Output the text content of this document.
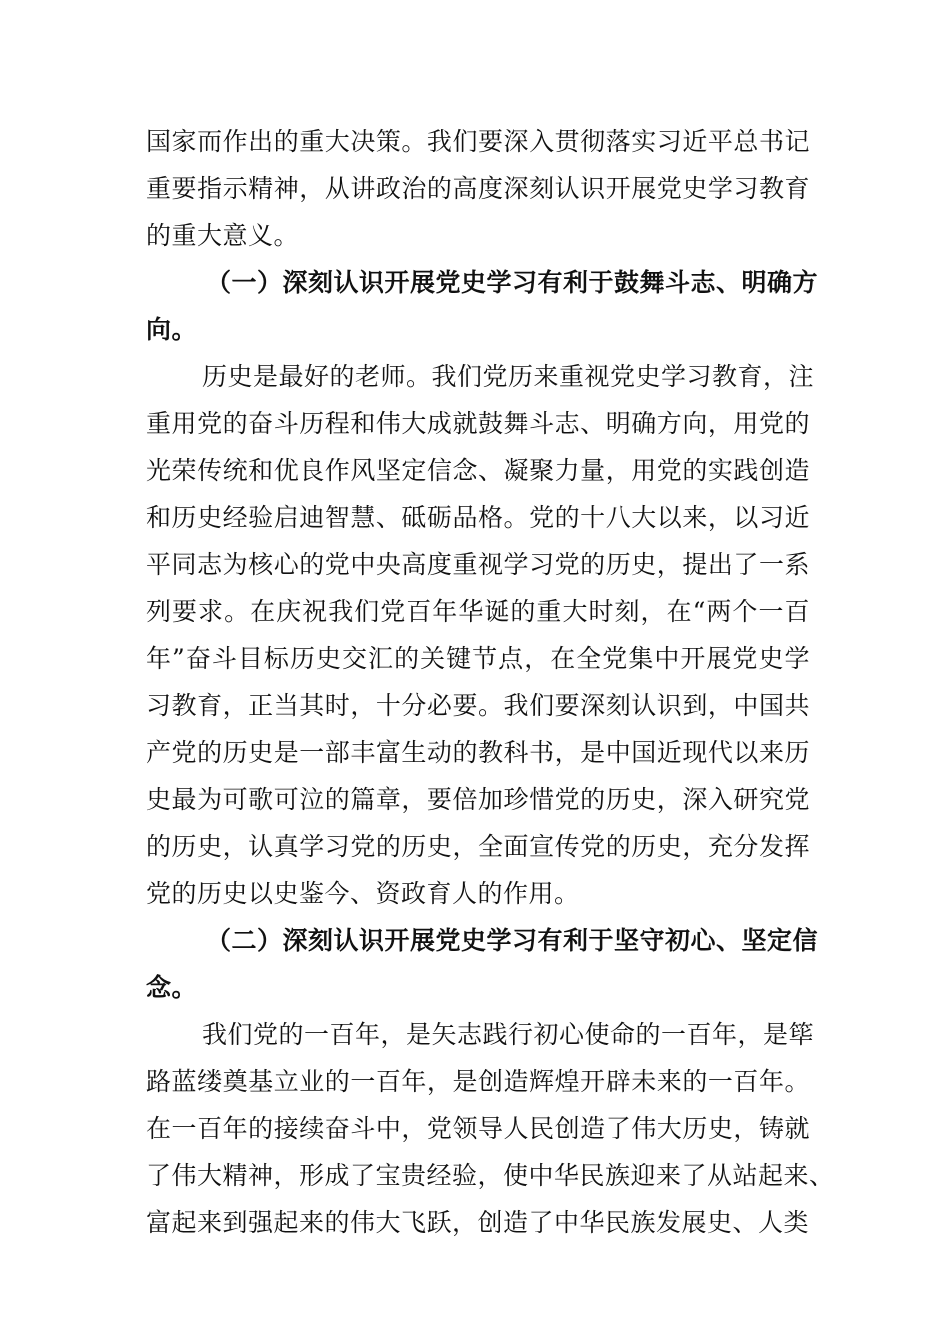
国家而作出的重大决策。我们要深入贯彻落实习近平总书记
重要指示精神，从讲政治的高度深刻认识开展党史学习教育
的重大意义。
（一）深刻认识开展党史学习有利于鼓舞斗志、明确方
向。
历史是最好的老师。我们党历来重视党史学习教育，注
重用党的奋斗历程和伟大成就鼓舞斗志、明确方向，用党的
光荣传统和优良作风坚定信念、凝聚力量，用党的实践创造
和历史经验启迪智慧、砥砺品格。党的十八大以来，以习近
平同志为核心的党中央高度重视学习党的历史，提出了一系
列要求。在庆祝我们党百年华诞的重大时刻，在“两个一百
年”奋斗目标历史交汇的关键节点，在全党集中开展党史学
习教育，正当其时，十分必要。我们要深刻认识到，中国共
产党的历史是一部丰富生动的教科书，是中国近现代以来历
史最为可歌可泣的篇章，要倍加珍惜党的历史，深入研究党
的历史，认真学习党的历史，全面宣传党的历史，充分发挥
党的历史以史鉴今、资政育人的作用。
（二）深刻认识开展党史学习有利于坚守初心、坚定信
念。
我们党的一百年，是矢志践行初心使命的一百年，是筚
路蓝缕奠基立业的一百年，是创造辉煌开辟未来的一百年。
在一百年的接续奋斗中，党领导人民创造了伟大历史，铸就
了伟大精神，形成了宝贵经验，使中华民族迎来了从站起来、
富起来到强起来的伟大飞跃，创造了中华民族发展史、人类
